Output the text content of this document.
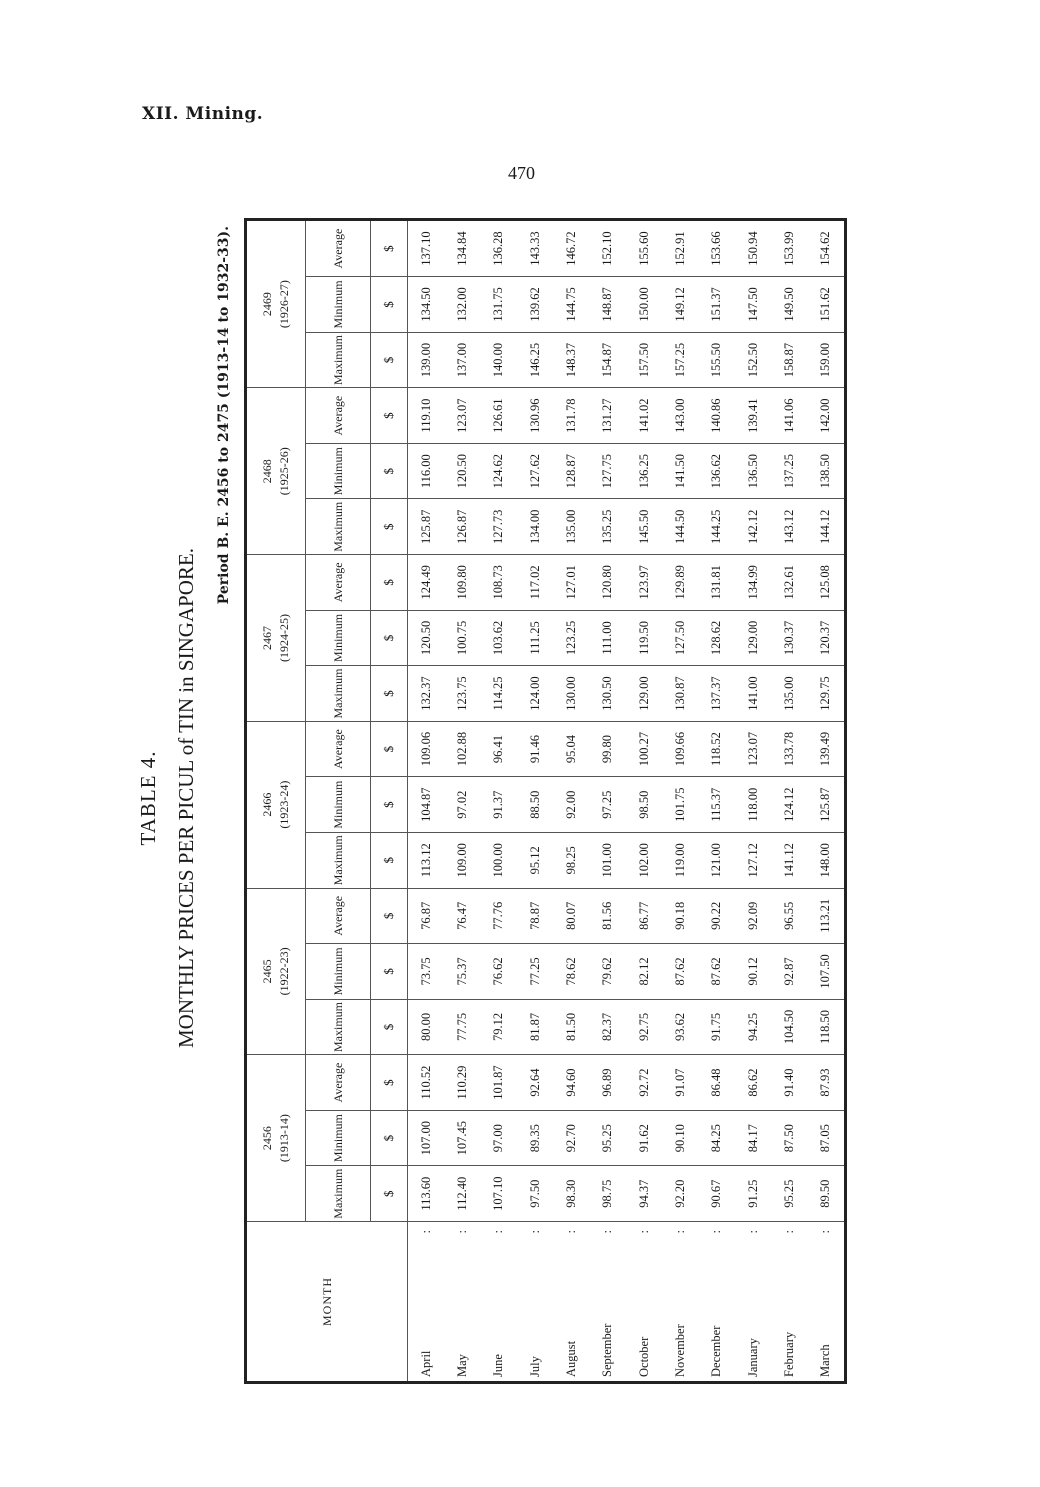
XII. Mining.
470
TABLE 4. MONTHLY PRICES PER PICUL of TIN in SINGAPORE.
Period B. E. 2456 to 2475 (1913-14 to 1932-33).
MONTH	2456 (1913-14)			2465 (1922-23)			2466 (1923-24)			2467 (1924-25)			2468 (1925-26)			2469 (1926-27)		

	Maximum	Minimum	Average	Maximum	Minimum	Average	Maximum	Minimum	Average	Maximum	Minimum	Average	Maximum	Minimum	Average	Maximum	Minimum	Average
	$	$	$	$	$	$	$	$	$	$	$	$	$	$	$	$	$	$
April
:	113.60	107.00	110.52	80.00	73.75	76.87	113.12	104.87	109.06	132.37	120.50	124.49	125.87	116.00	119.10	139.00	134.50	137.10
May
:	112.40	107.45	110.29	77.75	75.37	76.47	109.00	97.02	102.88	123.75	100.75	109.80	126.87	120.50	123.07	137.00	132.00	134.84
June
:	107.10	97.00	101.87	79.12	76.62	77.76	100.00	91.37	96.41	114.25	103.62	108.73	127.73	124.62	126.61	140.00	131.75	136.28
July
:	97.50	89.35	92.64	81.87	77.25	78.87	95.12	88.50	91.46	124.00	111.25	117.02	134.00	127.62	130.96	146.25	139.62	143.33
August
:	98.30	92.70	94.60	81.50	78.62	80.07	98.25	92.00	95.04	130.00	123.25	127.01	135.00	128.87	131.78	148.37	144.75	146.72
September
:	98.75	95.25	96.89	82.37	79.62	81.56	101.00	97.25	99.80	130.50	111.00	120.80	135.25	127.75	131.27	154.87	148.87	152.10
October
:	94.37	91.62	92.72	92.75	82.12	86.77	102.00	98.50	100.27	129.00	119.50	123.97	145.50	136.25	141.02	157.50	150.00	155.60
November
:	92.20	90.10	91.07	93.62	87.62	90.18	119.00	101.75	109.66	130.87	127.50	129.89	144.50	141.50	143.00	157.25	149.12	152.91
December
:	90.67	84.25	86.48	91.75	87.62	90.22	121.00	115.37	118.52	137.37	128.62	131.81	144.25	136.62	140.86	155.50	151.37	153.66
January
:	91.25	84.17	86.62	94.25	90.12	92.09	127.12	118.00	123.07	141.00	129.00	134.99	142.12	136.50	139.41	152.50	147.50	150.94
February
:	95.25	87.50	91.40	104.50	92.87	96.55	141.12	124.12	133.78	135.00	130.37	132.61	143.12	137.25	141.06	158.87	149.50	153.99
March
:	89.50	87.05	87.93	118.50	107.50	113.21	148.00	125.87	139.49	129.75	120.37	125.08	144.12	138.50	142.00	159.00	151.62	154.62
